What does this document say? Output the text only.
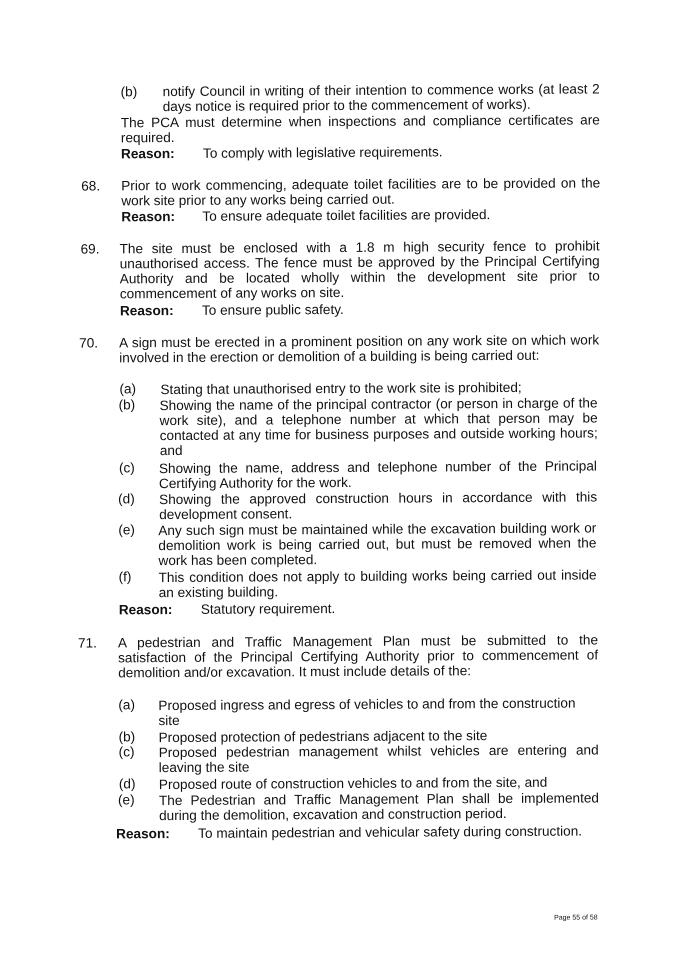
(b) notify Council in writing of their intention to commence works (at least 2 days notice is required prior to the commencement of works).
The PCA must determine when inspections and compliance certificates are required.
Reason: To comply with legislative requirements.
68. Prior to work commencing, adequate toilet facilities are to be provided on the work site prior to any works being carried out.
Reason: To ensure adequate toilet facilities are provided.
69. The site must be enclosed with a 1.8 m high security fence to prohibit unauthorised access. The fence must be approved by the Principal Certifying Authority and be located wholly within the development site prior to commencement of any works on site.
Reason: To ensure public safety.
70. A sign must be erected in a prominent position on any work site on which work involved in the erection or demolition of a building is being carried out:
(a) Stating that unauthorised entry to the work site is prohibited;
(b) Showing the name of the principal contractor (or person in charge of the work site), and a telephone number at which that person may be contacted at any time for business purposes and outside working hours; and
(c) Showing the name, address and telephone number of the Principal Certifying Authority for the work.
(d) Showing the approved construction hours in accordance with this development consent.
(e) Any such sign must be maintained while the excavation building work or demolition work is being carried out, but must be removed when the work has been completed.
(f) This condition does not apply to building works being carried out inside an existing building.
Reason: Statutory requirement.
71. A pedestrian and Traffic Management Plan must be submitted to the satisfaction of the Principal Certifying Authority prior to commencement of demolition and/or excavation. It must include details of the:
(a) Proposed ingress and egress of vehicles to and from the construction site
(b) Proposed protection of pedestrians adjacent to the site
(c) Proposed pedestrian management whilst vehicles are entering and leaving the site
(d) Proposed route of construction vehicles to and from the site, and
(e) The Pedestrian and Traffic Management Plan shall be implemented during the demolition, excavation and construction period.
Reason: To maintain pedestrian and vehicular safety during construction.
Page 55 of 58
